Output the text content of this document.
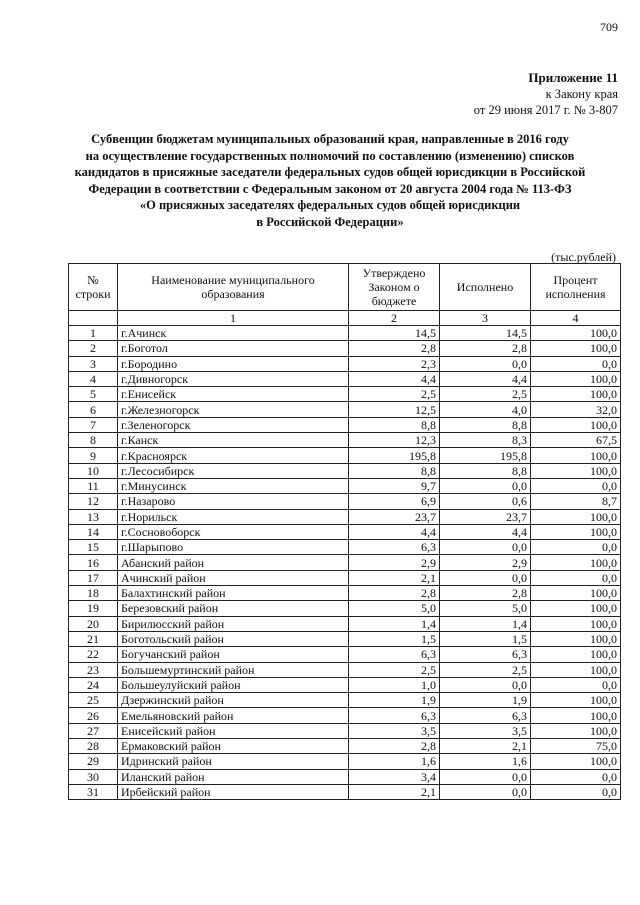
709
Приложение 11
к Закону края
от 29 июня 2017 г. № 3-807
Субвенции бюджетам муниципальных образований края, направленные в 2016 году
на осуществление государственных полномочий по составлению (изменению) списков
кандидатов в присяжные заседатели федеральных судов общей юрисдикции в Российской
Федерации в соответствии с Федеральным законом от 20 августа 2004 года № 113-ФЗ
«О присяжных заседателях федеральных судов общей юрисдикции
в Российской Федерации»
(тыс.рублей)
№ строки	Наименование муниципального образования	Утверждено Законом о бюджете	Исполнено	Процент исполнения
	1	2	3	4
1	г.Ачинск	14,5	14,5	100,0
2	г.Боготол	2,8	2,8	100,0
3	г.Бородино	2,3	0,0	0,0
4	г.Дивногорск	4,4	4,4	100,0
5	г.Енисейск	2,5	2,5	100,0
6	г.Железногорск	12,5	4,0	32,0
7	г.Зеленогорск	8,8	8,8	100,0
8	г.Канск	12,3	8,3	67,5
9	г.Красноярск	195,8	195,8	100,0
10	г.Лесосибирск	8,8	8,8	100,0
11	г.Минусинск	9,7	0,0	0,0
12	г.Назарово	6,9	0,6	8,7
13	г.Норильск	23,7	23,7	100,0
14	г.Сосновоборск	4,4	4,4	100,0
15	г.Шарыпово	6,3	0,0	0,0
16	Абанский район	2,9	2,9	100,0
17	Ачинский район	2,1	0,0	0,0
18	Балахтинский район	2,8	2,8	100,0
19	Березовский район	5,0	5,0	100,0
20	Бирилюсский район	1,4	1,4	100,0
21	Боготольский район	1,5	1,5	100,0
22	Богучанский район	6,3	6,3	100,0
23	Большемуртинский район	2,5	2,5	100,0
24	Большеулуйский район	1,0	0,0	0,0
25	Дзержинский район	1,9	1,9	100,0
26	Емельяновский район	6,3	6,3	100,0
27	Енисейский район	3,5	3,5	100,0
28	Ермаковский район	2,8	2,1	75,0
29	Идринский район	1,6	1,6	100,0
30	Иланский район	3,4	0,0	0,0
31	Ирбейский район	2,1	0,0	0,0
